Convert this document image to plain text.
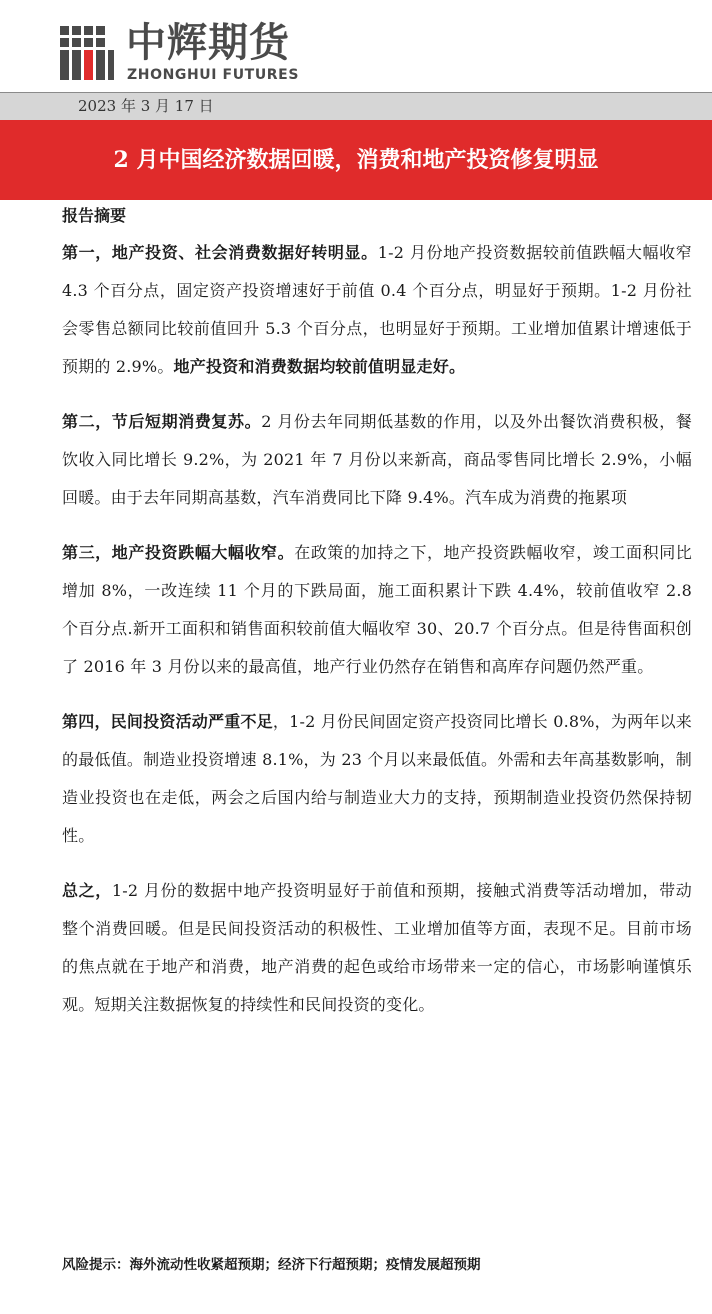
中辉期货
ZHONGHUI FUTURES
2023 年 3 月 17 日
2 月中国经济数据回暖，消费和地产投资修复明显
报告摘要

第一，地产投资、社会消费数据好转明显。1-2 月份地产投资数据较前值跌幅大幅收窄 4.3 个百分点，固定资产投资增速好于前值 0.4 个百分点，明显好于预期。1-2 月份社会零售总额同比较前值回升 5.3 个百分点，也明显好于预期。工业增加值累计增速低于预期的 2.9%。地产投资和消费数据均较前值明显走好。

第二，节后短期消费复苏。2 月份去年同期低基数的作用，以及外出餐饮消费积极，餐饮收入同比增长 9.2%，为 2021 年 7 月份以来新高，商品零售同比增长 2.9%，小幅回暖。由于去年同期高基数，汽车消费同比下降 9.4%。汽车成为消费的拖累项

第三，地产投资跌幅大幅收窄。在政策的加持之下，地产投资跌幅收窄，竣工面积同比增加 8%，一改连续 11 个月的下跌局面，施工面积累计下跌 4.4%，较前值收窄 2.8 个百分点.新开工面积和销售面积较前值大幅收窄 30、20.7 个百分点。但是待售面积创了 2016 年 3 月份以来的最高值，地产行业仍然存在销售和高库存问题仍然严重。

第四，民间投资活动严重不足，1-2 月份民间固定资产投资同比增长 0.8%，为两年以来的最低值。制造业投资增速 8.1%，为 23 个月以来最低值。外需和去年高基数影响，制造业投资也在走低，两会之后国内给与制造业大力的支持，预期制造业投资仍然保持韧性。

总之，1-2 月份的数据中地产投资明显好于前值和预期，接触式消费等活动增加，带动整个消费回暖。但是民间投资活动的积极性、工业增加值等方面，表现不足。目前市场的焦点就在于地产和消费，地产消费的起色或给市场带来一定的信心，市场影响谨慎乐观。短期关注数据恢复的持续性和民间投资的变化。

风险提示：海外流动性收紧超预期；经济下行超预期；疫情发展超预期
